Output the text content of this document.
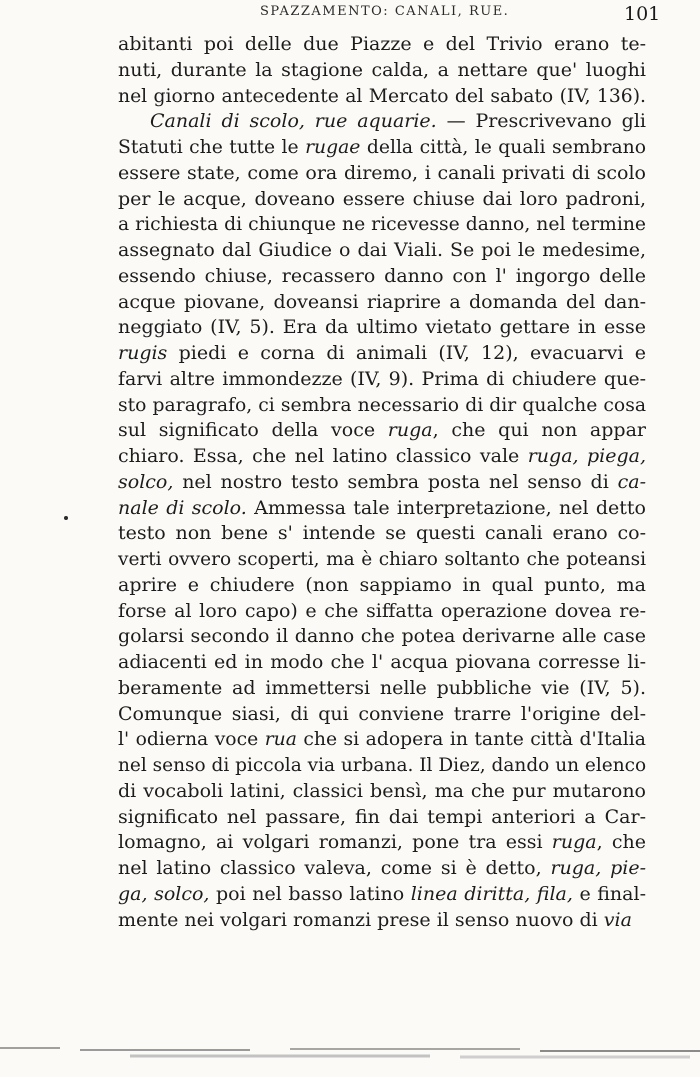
SPAZZAMENTO: CANALI, RUE.	101
abitanti poi delle due Piazze e del Trivio erano te-
nuti, durante la stagione calda, a nettare que' luoghi
nel giorno antecedente al Mercato del sabato (IV, 136).
Canali di scolo, rue aquarie. — Prescrivevano gli
Statuti che tutte le rugae della città, le quali sembrano
essere state, come ora diremo, i canali privati di scolo
per le acque, doveano essere chiuse dai loro padroni,
a richiesta di chiunque ne ricevesse danno, nel termine
assegnato dal Giudice o dai Viali. Se poi le medesime,
essendo chiuse, recassero danno con l' ingorgo delle
acque piovane, doveansi riaprire a domanda del dan-
neggiato (IV, 5). Era da ultimo vietato gettare in esse
rugis piedi e corna di animali (IV, 12), evacuarvi e
farvi altre immondezze (IV, 9). Prima di chiudere que-
sto paragrafo, ci sembra necessario di dir qualche cosa
sul significato della voce ruga, che qui non appar
chiaro. Essa, che nel latino classico vale ruga, piega,
solco, nel nostro testo sembra posta nel senso di ca-
nale di scolo. Ammessa tale interpretazione, nel detto
testo non bene s' intende se questi canali erano co-
verti ovvero scoperti, ma è chiaro soltanto che poteansi
aprire e chiudere (non sappiamo in qual punto, ma
forse al loro capo) e che siffatta operazione dovea re-
golarsi secondo il danno che potea derivarne alle case
adiacenti ed in modo che l' acqua piovana corresse li-
beramente ad immettersi nelle pubbliche vie (IV, 5).
Comunque siasi, di qui conviene trarre l'origine del-
l' odierna voce rua che si adopera in tante città d'Italia
nel senso di piccola via urbana. Il Diez, dando un elenco
di vocaboli latini, classici bensì, ma che pur mutarono
significato nel passare, fin dai tempi anteriori a Car-
lomagno, ai volgari romanzi, pone tra essi ruga, che
nel latino classico valeva, come si è detto, ruga, pie-
ga, solco, poi nel basso latino linea diritta, fila, e final-
mente nei volgari romanzi prese il senso nuovo di via
